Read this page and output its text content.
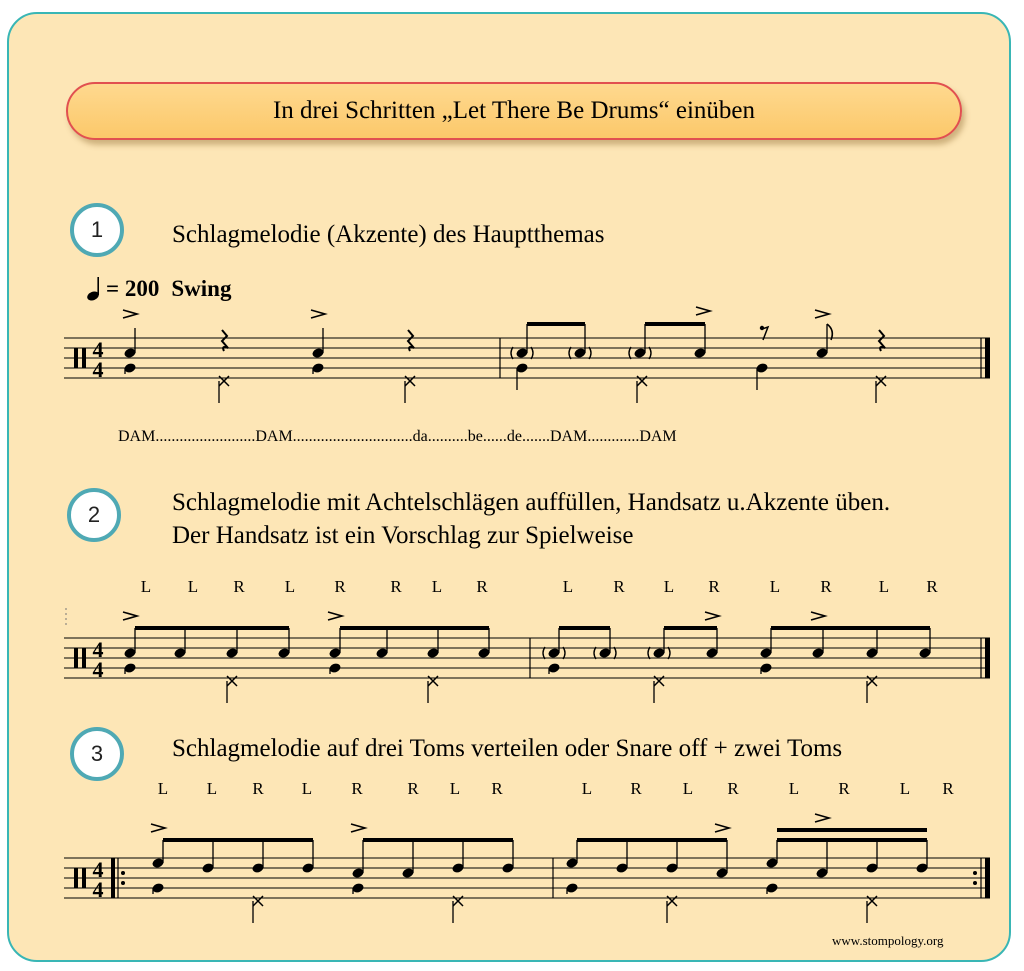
In drei Schritten „Let There Be Drums“ einüben
1	Schlagmelodie (Akzente) des Hauptthemas
= 200 Swing
DAM.........................DAM..............................da..........be......de.......DAM.............DAM
2	Schlagmelodie mit Achtelschlägen auffüllen, Handsatz u.Akzente üben.
Der Handsatz ist ein Vorschlag zur Spielweise
3	Schlagmelodie auf drei Toms verteilen oder Snare off + zwei Toms
L L R L R	R L R	L R L R	L R	L R
L L R L R	R L R	L R L R	L R	L R
4
4
4
4
4
4
www.stompology.org
